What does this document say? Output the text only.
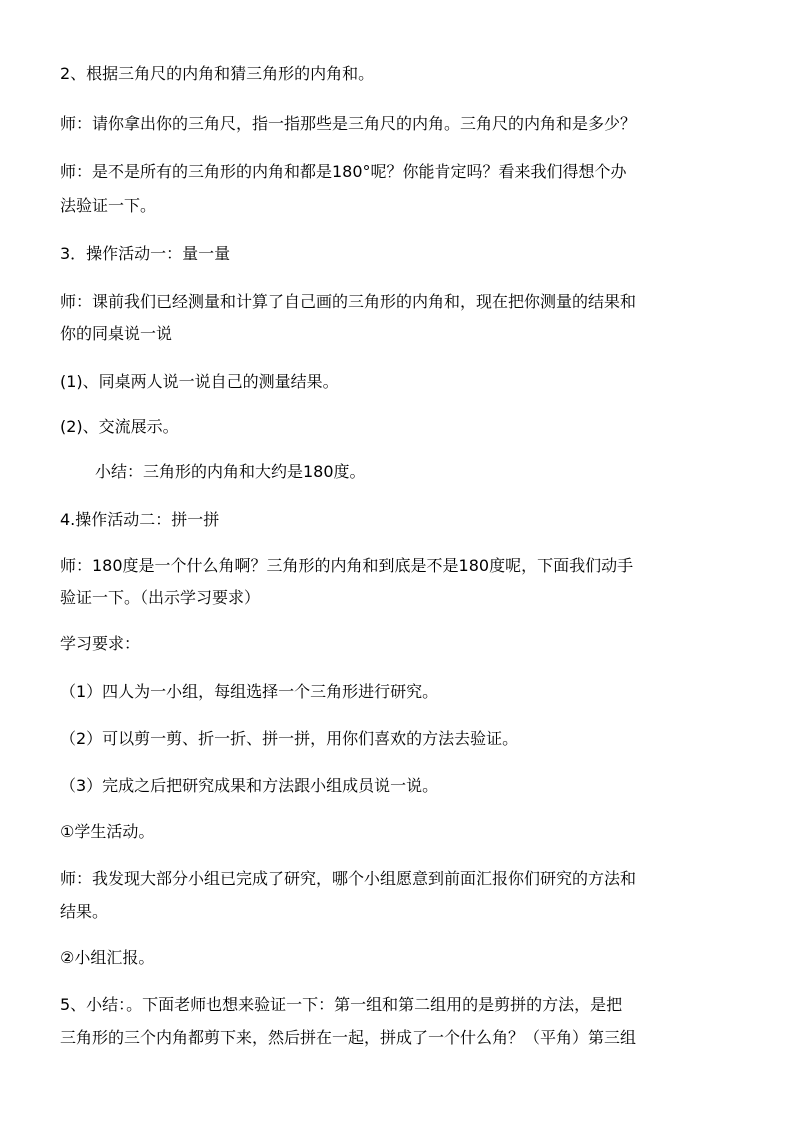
2、根据三角尺的内角和猜三角形的内角和。
师：请你拿出你的三角尺，指一指那些是三角尺的内角。三角尺的内角和是多少？
师：是不是所有的三角形的内角和都是180°呢？你能肯定吗？看来我们得想个办
法验证一下。
3．操作活动一：量一量
师：课前我们已经测量和计算了自己画的三角形的内角和，现在把你测量的结果和
你的同桌说一说
(1)、同桌两人说一说自己的测量结果。
(2)、交流展示。
小结：三角形的内角和大约是180度。
4.操作活动二：拼一拼
师：180度是一个什么角啊？三角形的内角和到底是不是180度呢，下面我们动手
验证一下。（出示学习要求）
学习要求：
（1）四人为一小组，每组选择一个三角形进行研究。
（2）可以剪一剪、折一折、拼一拼，用你们喜欢的方法去验证。
（3）完成之后把研究成果和方法跟小组成员说一说。
①学生活动。
师：我发现大部分小组已完成了研究，哪个小组愿意到前面汇报你们研究的方法和
结果。
②小组汇报。
5、小结：。下面老师也想来验证一下：第一组和第二组用的是剪拼的方法，是把
三角形的三个内角都剪下来，然后拼在一起，拼成了一个什么角？（平角）第三组
